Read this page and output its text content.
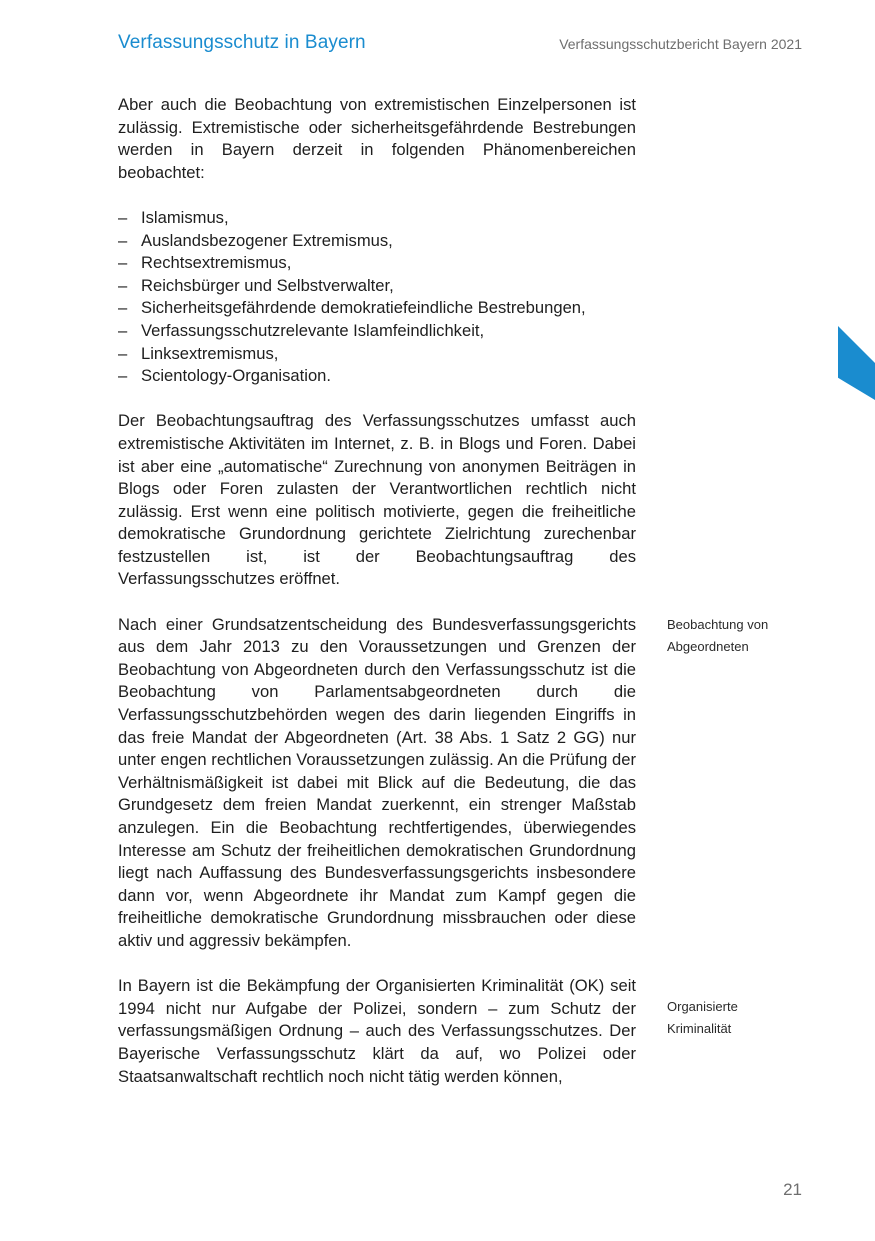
Verfassungsschutz in Bayern	Verfassungsschutzbericht Bayern 2021

Aber auch die Beobachtung von extremistischen Einzelpersonen ist zulässig. Extremistische oder sicherheitsgefährdende Bestrebungen werden in Bayern derzeit in folgenden Phänomenbereichen beobachtet:

– Islamismus,
– Auslandsbezogener Extremismus,
– Rechtsextremismus,
– Reichsbürger und Selbstverwalter,
– Sicherheitsgefährdende demokratiefeindliche Bestrebungen,
– Verfassungsschutzrelevante Islamfeindlichkeit,
– Linksextremismus,
– Scientology-Organisation.

Der Beobachtungsauftrag des Verfassungsschutzes umfasst auch extremistische Aktivitäten im Internet, z. B. in Blogs und Foren. Dabei ist aber eine „automatische“ Zurechnung von anonymen Beiträgen in Blogs oder Foren zulasten der Verantwortlichen rechtlich nicht zulässig. Erst wenn eine politisch motivierte, gegen die freiheitliche demokratische Grundordnung gerichtete Zielrichtung zurechenbar festzustellen ist, ist der Beobachtungsauftrag des Verfassungsschutzes eröffnet.

Nach einer Grundsatzentscheidung des Bundesverfassungsgerichts aus dem Jahr 2013 zu den Voraussetzungen und Grenzen der Beobachtung von Abgeordneten durch den Verfassungsschutz ist die Beobachtung von Parlamentsabgeordneten durch die Verfassungsschutzbehörden wegen des darin liegenden Eingriffs in das freie Mandat der Abgeordneten (Art. 38 Abs. 1 Satz 2 GG) nur unter engen rechtlichen Voraussetzungen zulässig. An die Prüfung der Verhältnismäßigkeit ist dabei mit Blick auf die Bedeutung, die das Grundgesetz dem freien Mandat zuerkennt, ein strenger Maßstab anzulegen. Ein die Beobachtung rechtfertigendes, überwiegendes Interesse am Schutz der freiheitlichen demokratischen Grundordnung liegt nach Auffassung des Bundesverfassungsgerichts insbesondere dann vor, wenn Abgeordnete ihr Mandat zum Kampf gegen die freiheitliche demokratische Grundordnung missbrauchen oder diese aktiv und aggressiv bekämpfen.

In Bayern ist die Bekämpfung der Organisierten Kriminalität (OK) seit 1994 nicht nur Aufgabe der Polizei, sondern – zum Schutz der verfassungsmäßigen Ordnung – auch des Verfassungsschutzes. Der Bayerische Verfassungsschutz klärt da auf, wo Polizei oder Staatsanwaltschaft rechtlich noch nicht tätig werden können,

Beobachtung von
Abgeordneten
Organisierte
Kriminalität
21
